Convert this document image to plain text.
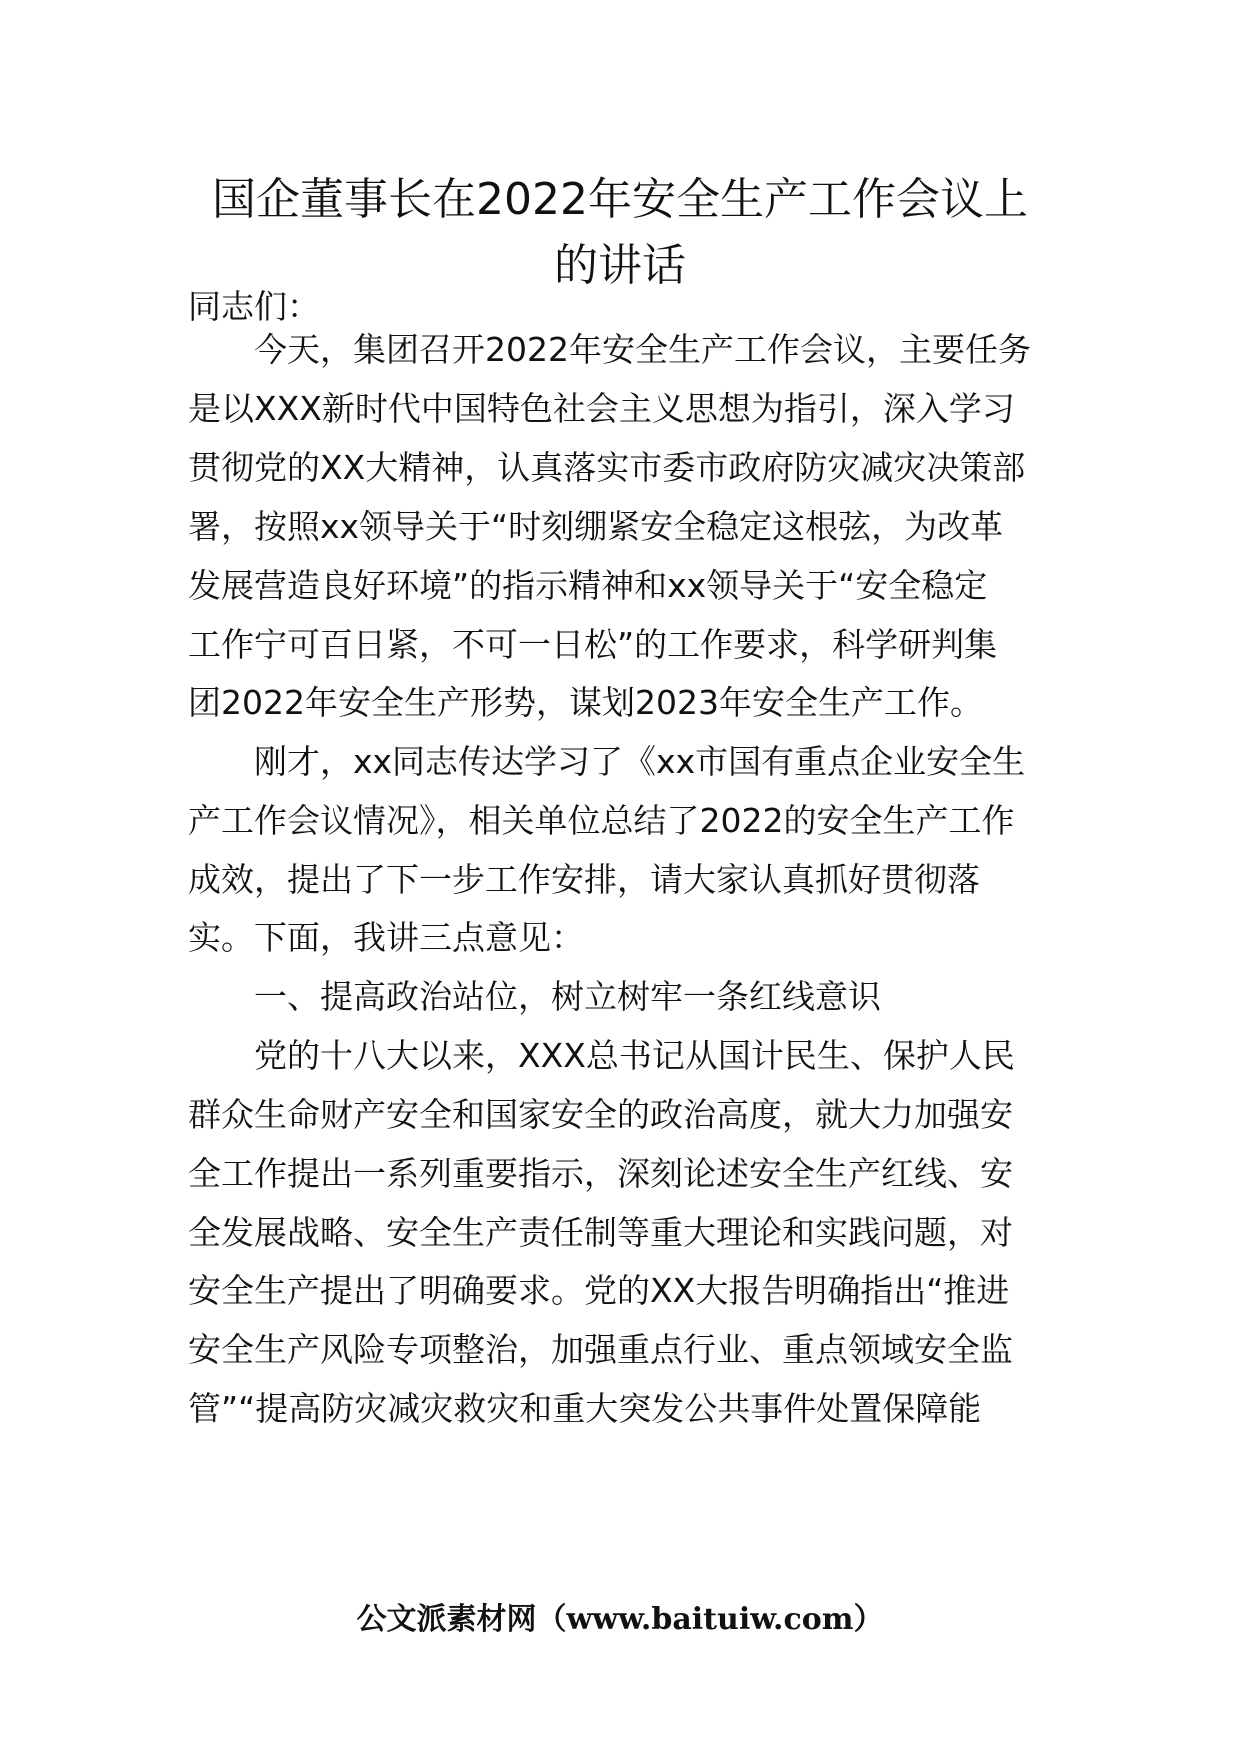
国企董事长在2022年安全生产工作会议上
的讲话

同志们：

今天，集团召开2022年安全生产工作会议，主要任务

是以XXX新时代中国特色社会主义思想为指引，深入学习

贯彻党的XX大精神，认真落实市委市政府防灾减灾决策部

署，按照xx领导关于“时刻绷紧安全稳定这根弦，为改革

发展营造良好环境”的指示精神和xx领导关于“安全稳定

工作宁可百日紧，不可一日松”的工作要求，科学研判集

团2022年安全生产形势，谋划2023年安全生产工作。

刚才，xx同志传达学习了《xx市国有重点企业安全生

产工作会议情况》，相关单位总结了2022的安全生产工作

成效，提出了下一步工作安排，请大家认真抓好贯彻落

实。下面，我讲三点意见：

一、提高政治站位，树立树牢一条红线意识

党的十八大以来，XXX总书记从国计民生、保护人民

群众生命财产安全和国家安全的政治高度，就大力加强安

全工作提出一系列重要指示，深刻论述安全生产红线、安

全发展战略、安全生产责任制等重大理论和实践问题，对

安全生产提出了明确要求。党的XX大报告明确指出“推进

安全生产风险专项整治，加强重点行业、重点领域安全监

管”“提高防灾减灾救灾和重大突发公共事件处置保障能

公文派素材网（www.baituiw.com）
